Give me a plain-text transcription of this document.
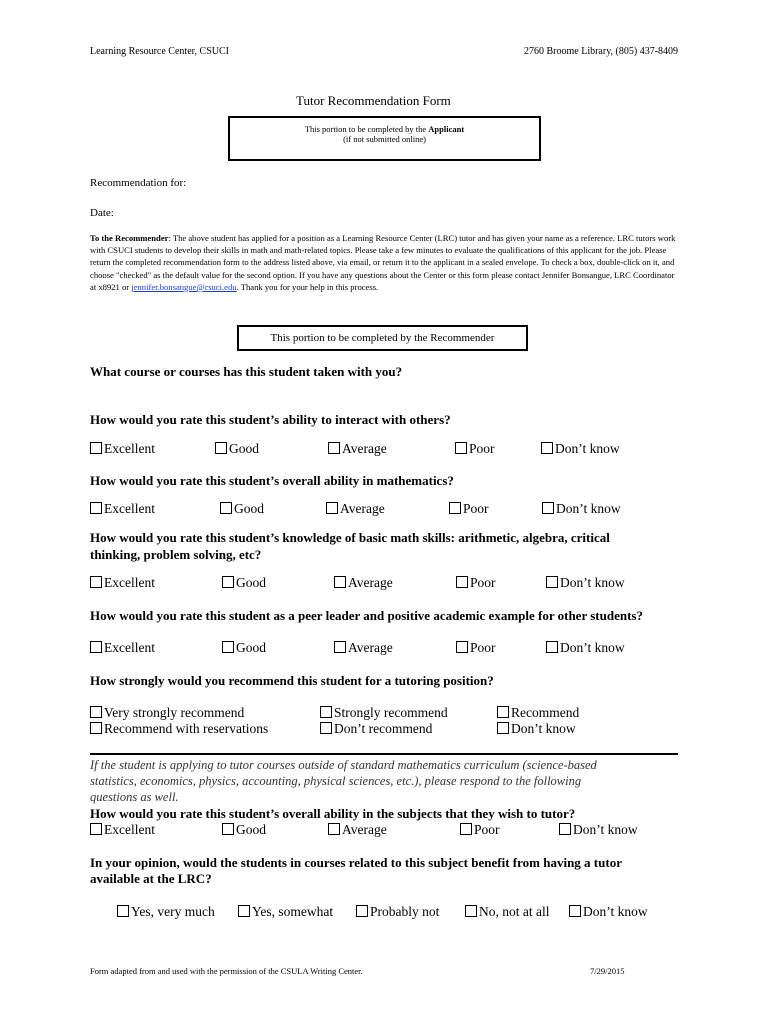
Learning Resource Center, CSUCI	2760 Broome Library, (805) 437-8409
Tutor Recommendation Form
This portion to be completed by the Applicant
(if not submitted online)
Recommendation for:
Date:
To the Recommender: The above student has applied for a position as a Learning Resource Center (LRC) tutor and has given your name as a reference. LRC tutors work with CSUCI students to develop their skills in math and math-related topics. Please take a few minutes to evaluate the qualifications of this applicant for the job. Please return the completed recommendation form to the address listed above, via email, or return it to the applicant in a sealed envelope. To check a box, double-click on it, and choose "checked" as the default value for the second option. If you have any questions about the Center or this form please contact Jennifer Bonsangue, LRC Coordinator at x8921 or jennifer.bonsangue@csuci.edu. Thank you for your help in this process.
This portion to be completed by the Recommender
What course or courses has this student taken with you?
How would you rate this student’s ability to interact with others?
Excellent	Good	Average	Poor	Don’t know
How would you rate this student’s overall ability in mathematics?
Excellent	Good	Average	Poor	Don’t know
How would you rate this student’s knowledge of basic math skills: arithmetic, algebra, critical
thinking, problem solving, etc?
Excellent	Good	Average	Poor	Don’t know
How would you rate this student as a peer leader and positive academic example for other students?
Excellent	Good	Average	Poor	Don’t know
How strongly would you recommend this student for a tutoring position?
Very strongly recommend	Strongly recommend	Recommend
Recommend with reservations	Don’t recommend	Don’t know
If the student is applying to tutor courses outside of standard mathematics curriculum (science-based
statistics, economics, physics, accounting, physical sciences, etc.), please respond to the following
questions as well.
How would you rate this student’s overall ability in the subjects that they wish to tutor?
Excellent	Good	Average	Poor	Don’t know
In your opinion, would the students in courses related to this subject benefit from having a tutor
available at the LRC?
Yes, very much	Yes, somewhat	Probably not	No, not at all	Don’t know
Form adapted from and used with the permission of the CSULA Writing Center.	7/29/2015
